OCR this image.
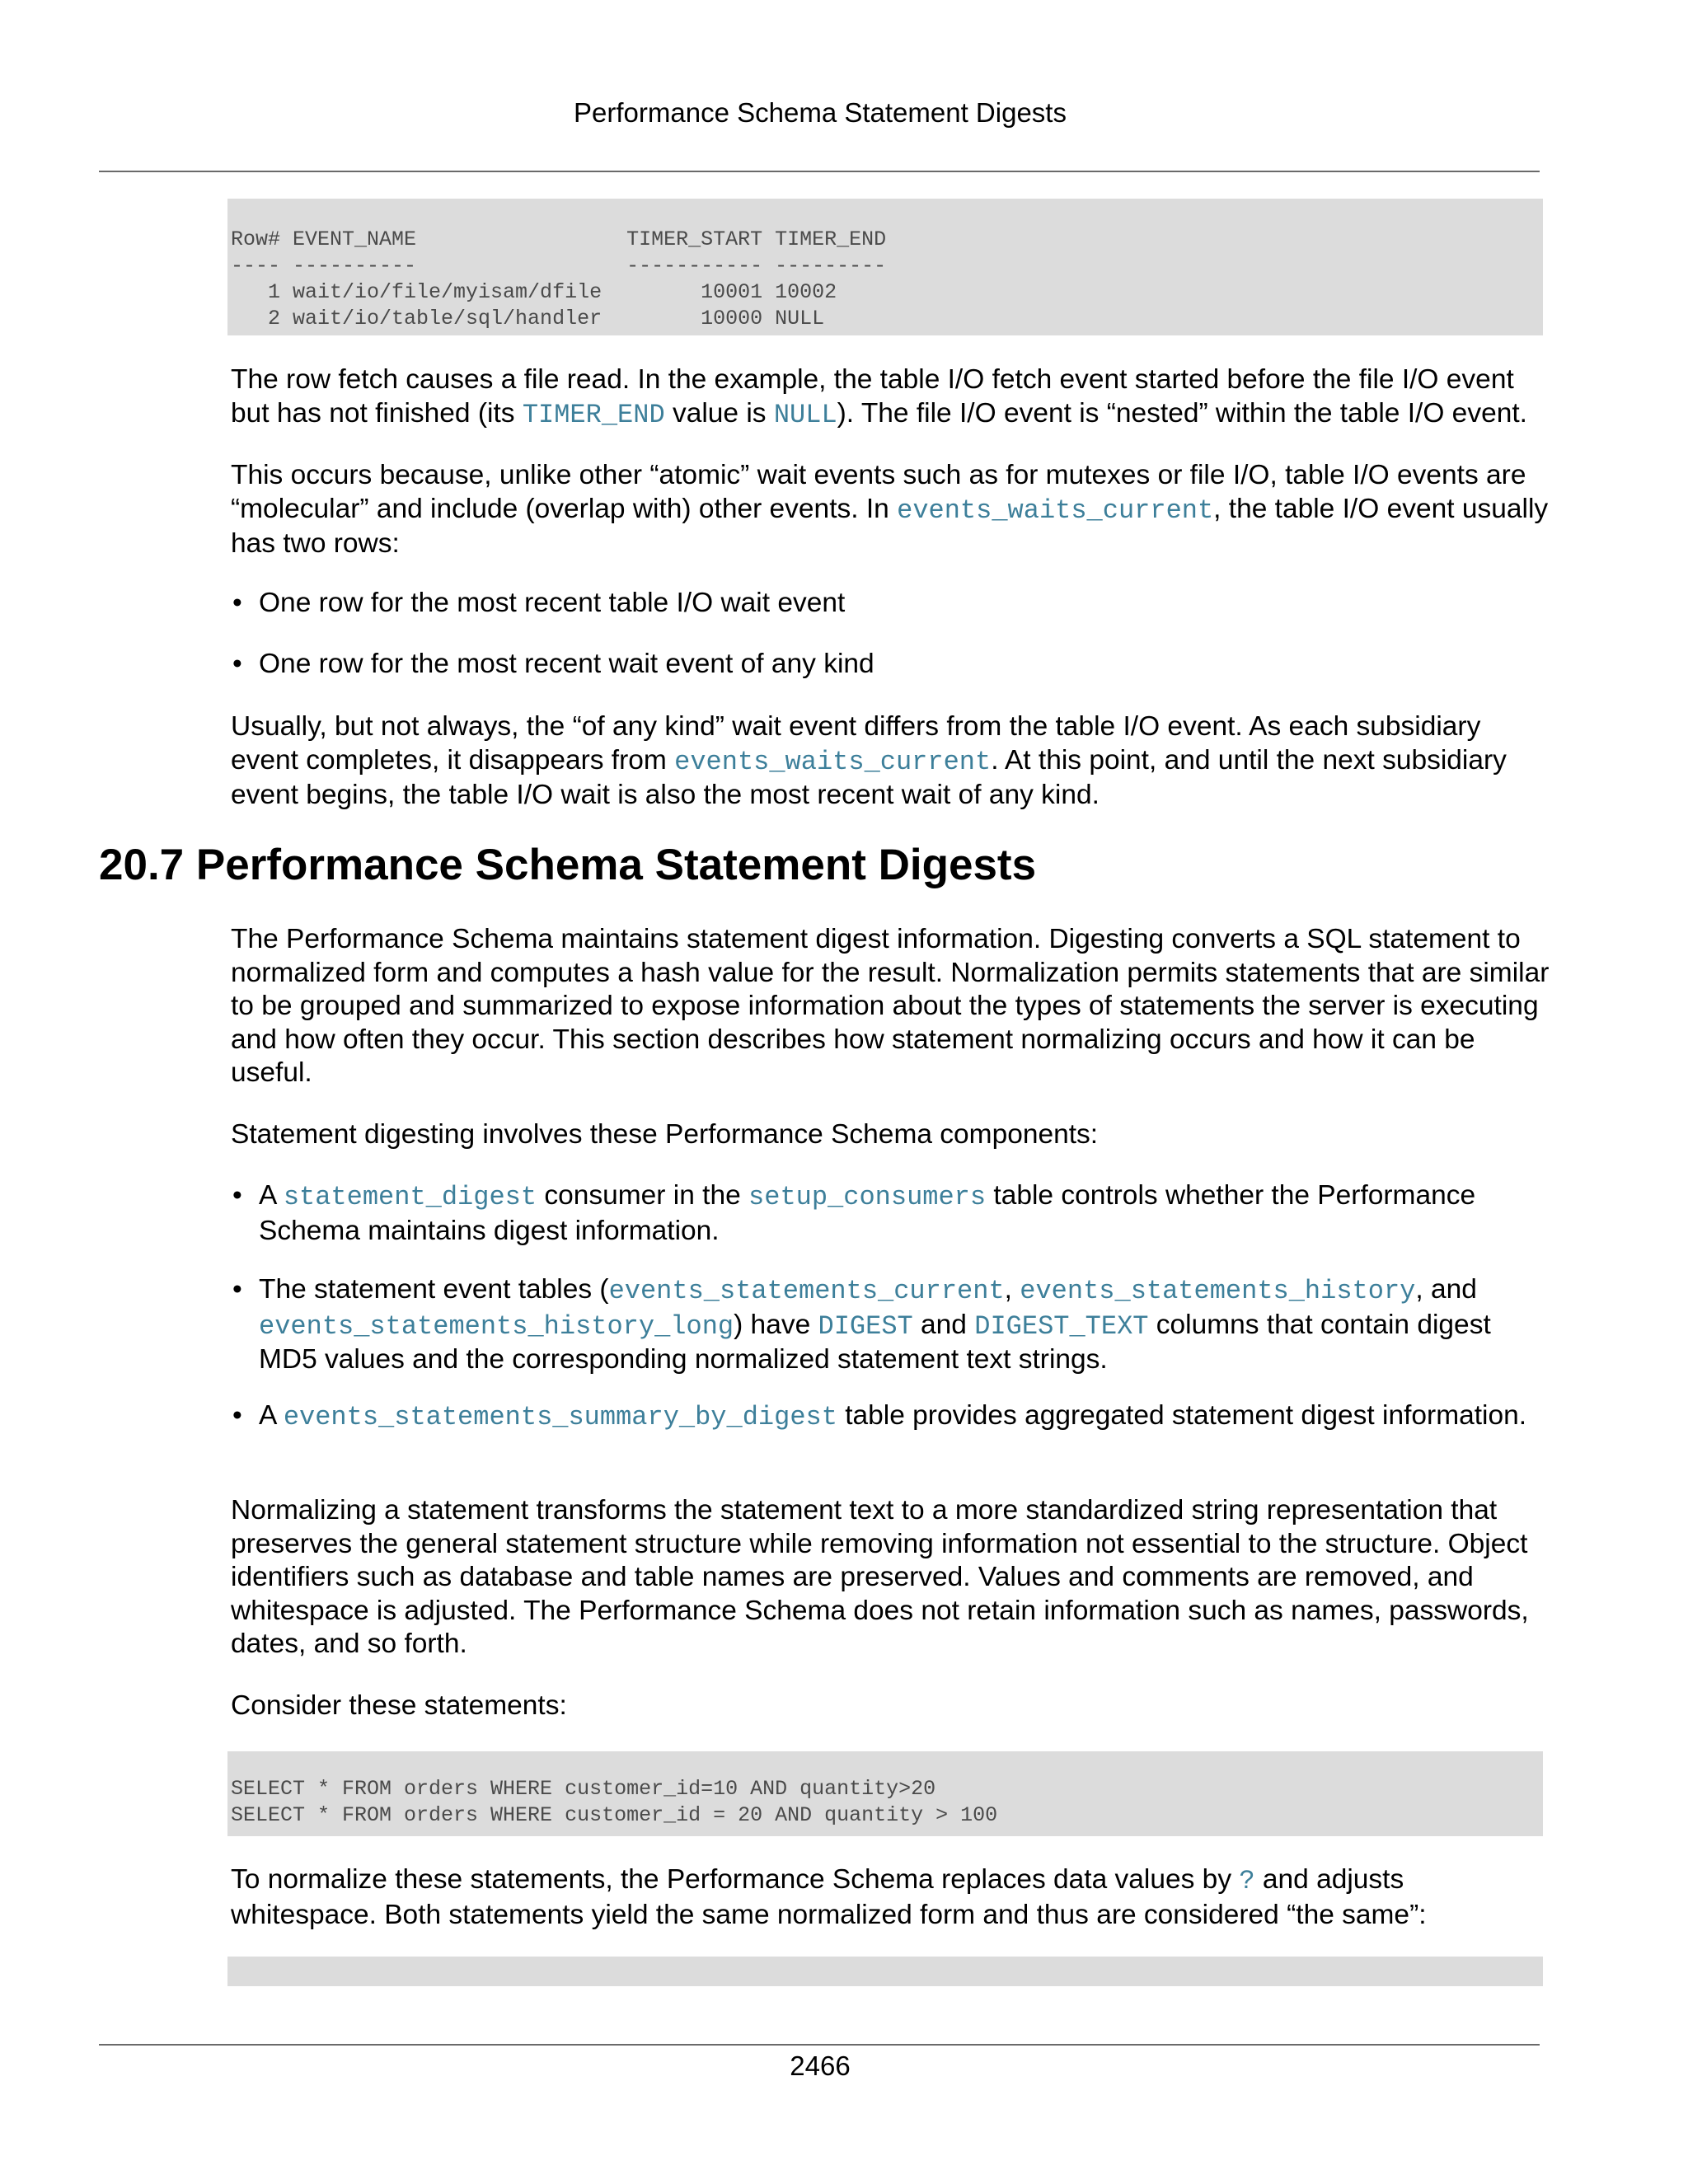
Performance Schema Statement Digests
Row# EVENT_NAME                 TIMER_START TIMER_END
---- ----------                 ----------- ---------
1 wait/io/file/myisam/dfile        10001 10002
2 wait/io/table/sql/handler        10000 NULL

The row fetch causes a file read. In the example, the table I/O fetch event started before the file I/O event but has not finished (its TIMER_END value is NULL). The file I/O event is “nested” within the table I/O event.

This occurs because, unlike other “atomic” wait events such as for mutexes or file I/O, table I/O events are “molecular” and include (overlap with) other events. In events_waits_current, the table I/O event usually has two rows:

• One row for the most recent table I/O wait event
• One row for the most recent wait event of any kind

Usually, but not always, the “of any kind” wait event differs from the table I/O event. As each subsidiary event completes, it disappears from events_waits_current. At this point, and until the next subsidiary event begins, the table I/O wait is also the most recent wait of any kind.

20.7 Performance Schema Statement Digests

The Performance Schema maintains statement digest information. Digesting converts a SQL statement to normalized form and computes a hash value for the result. Normalization permits statements that are similar to be grouped and summarized to expose information about the types of statements the server is executing and how often they occur. This section describes how statement normalizing occurs and how it can be useful.

Statement digesting involves these Performance Schema components:

• A statement_digest consumer in the setup_consumers table controls whether the Performance Schema maintains digest information.
• The statement event tables (events_statements_current, events_statements_history, and events_statements_history_long) have DIGEST and DIGEST_TEXT columns that contain digest MD5 values and the corresponding normalized statement text strings.
• A events_statements_summary_by_digest table provides aggregated statement digest information.

Normalizing a statement transforms the statement text to a more standardized string representation that preserves the general statement structure while removing information not essential to the structure. Object identifiers such as database and table names are preserved. Values and comments are removed, and whitespace is adjusted. The Performance Schema does not retain information such as names, passwords, dates, and so forth.

Consider these statements:

SELECT * FROM orders WHERE customer_id=10 AND quantity>20
SELECT * FROM orders WHERE customer_id = 20 AND quantity > 100

To normalize these statements, the Performance Schema replaces data values by ? and adjusts whitespace. Both statements yield the same normalized form and thus are considered “the same”:

2466
